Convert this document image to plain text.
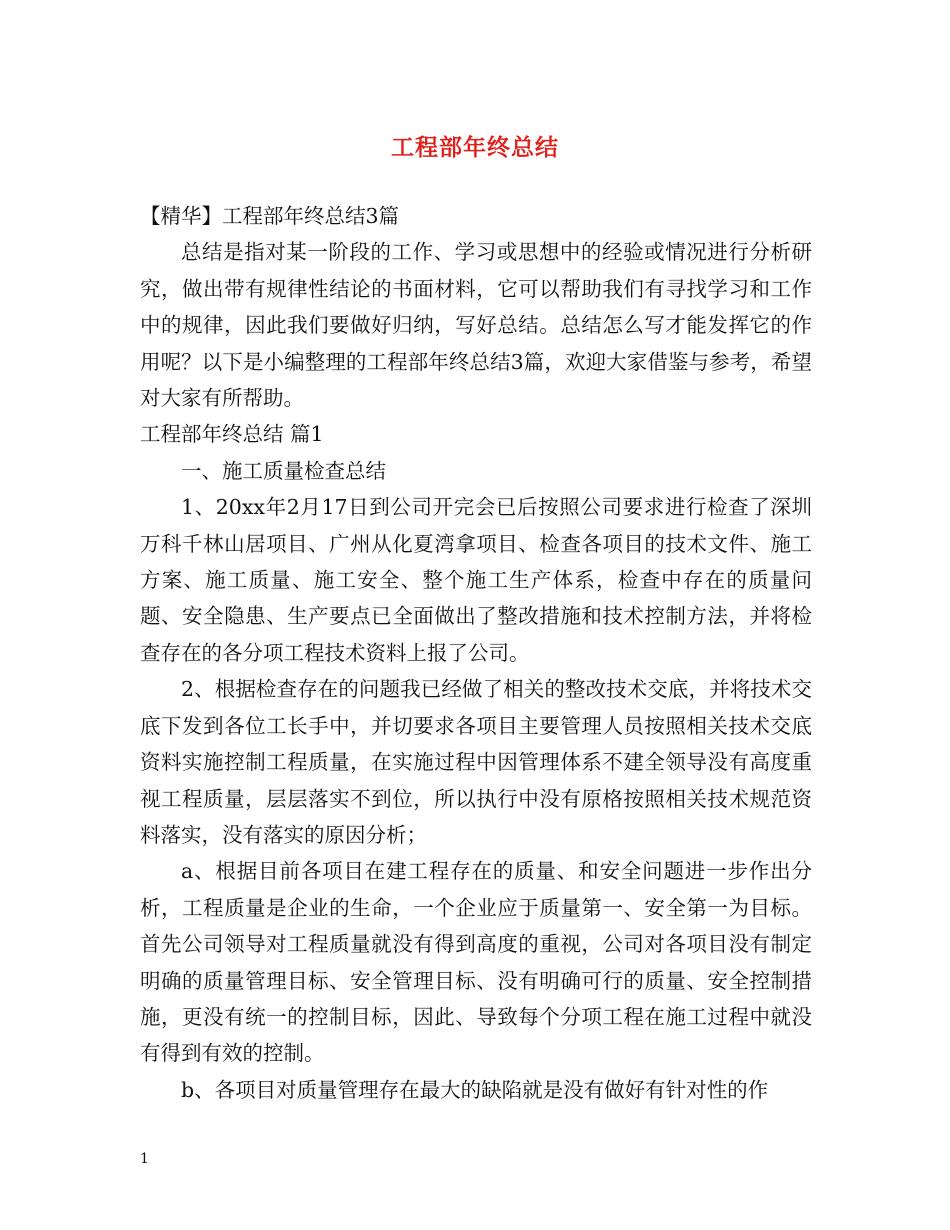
工程部年终总结

【精华】工程部年终总结3篇

总结是指对某一阶段的工作、学习或思想中的经验或情况进行分析研究，做出带有规律性结论的书面材料，它可以帮助我们有寻找学习和工作中的规律，因此我们要做好归纳，写好总结。总结怎么写才能发挥它的作用呢？以下是小编整理的工程部年终总结3篇，欢迎大家借鉴与参考，希望对大家有所帮助。

工程部年终总结 篇1

一、施工质量检查总结

1、20xx年2月17日到公司开完会已后按照公司要求进行检查了深圳万科千林山居项目、广州从化夏湾拿项目、检查各项目的技术文件、施工方案、施工质量、施工安全、整个施工生产体系，检查中存在的质量问题、安全隐患、生产要点已全面做出了整改措施和技术控制方法，并将检查存在的各分项工程技术资料上报了公司。

2、根据检查存在的问题我已经做了相关的整改技术交底，并将技术交底下发到各位工长手中，并切要求各项目主要管理人员按照相关技术交底资料实施控制工程质量，在实施过程中因管理体系不建全领导没有高度重视工程质量，层层落实不到位，所以执行中没有原格按照相关技术规范资料落实，没有落实的原因分析；

a、根据目前各项目在建工程存在的质量、和安全问题进一步作出分析，工程质量是企业的生命，一个企业应于质量第一、安全第一为目标。首先公司领导对工程质量就没有得到高度的重视，公司对各项目没有制定明确的质量管理目标、安全管理目标、没有明确可行的质量、安全控制措施，更没有统一的控制目标，因此、导致每个分项工程在施工过程中就没有得到有效的控制。

b、各项目对质量管理存在最大的缺陷就是没有做好有针对性的作

1
